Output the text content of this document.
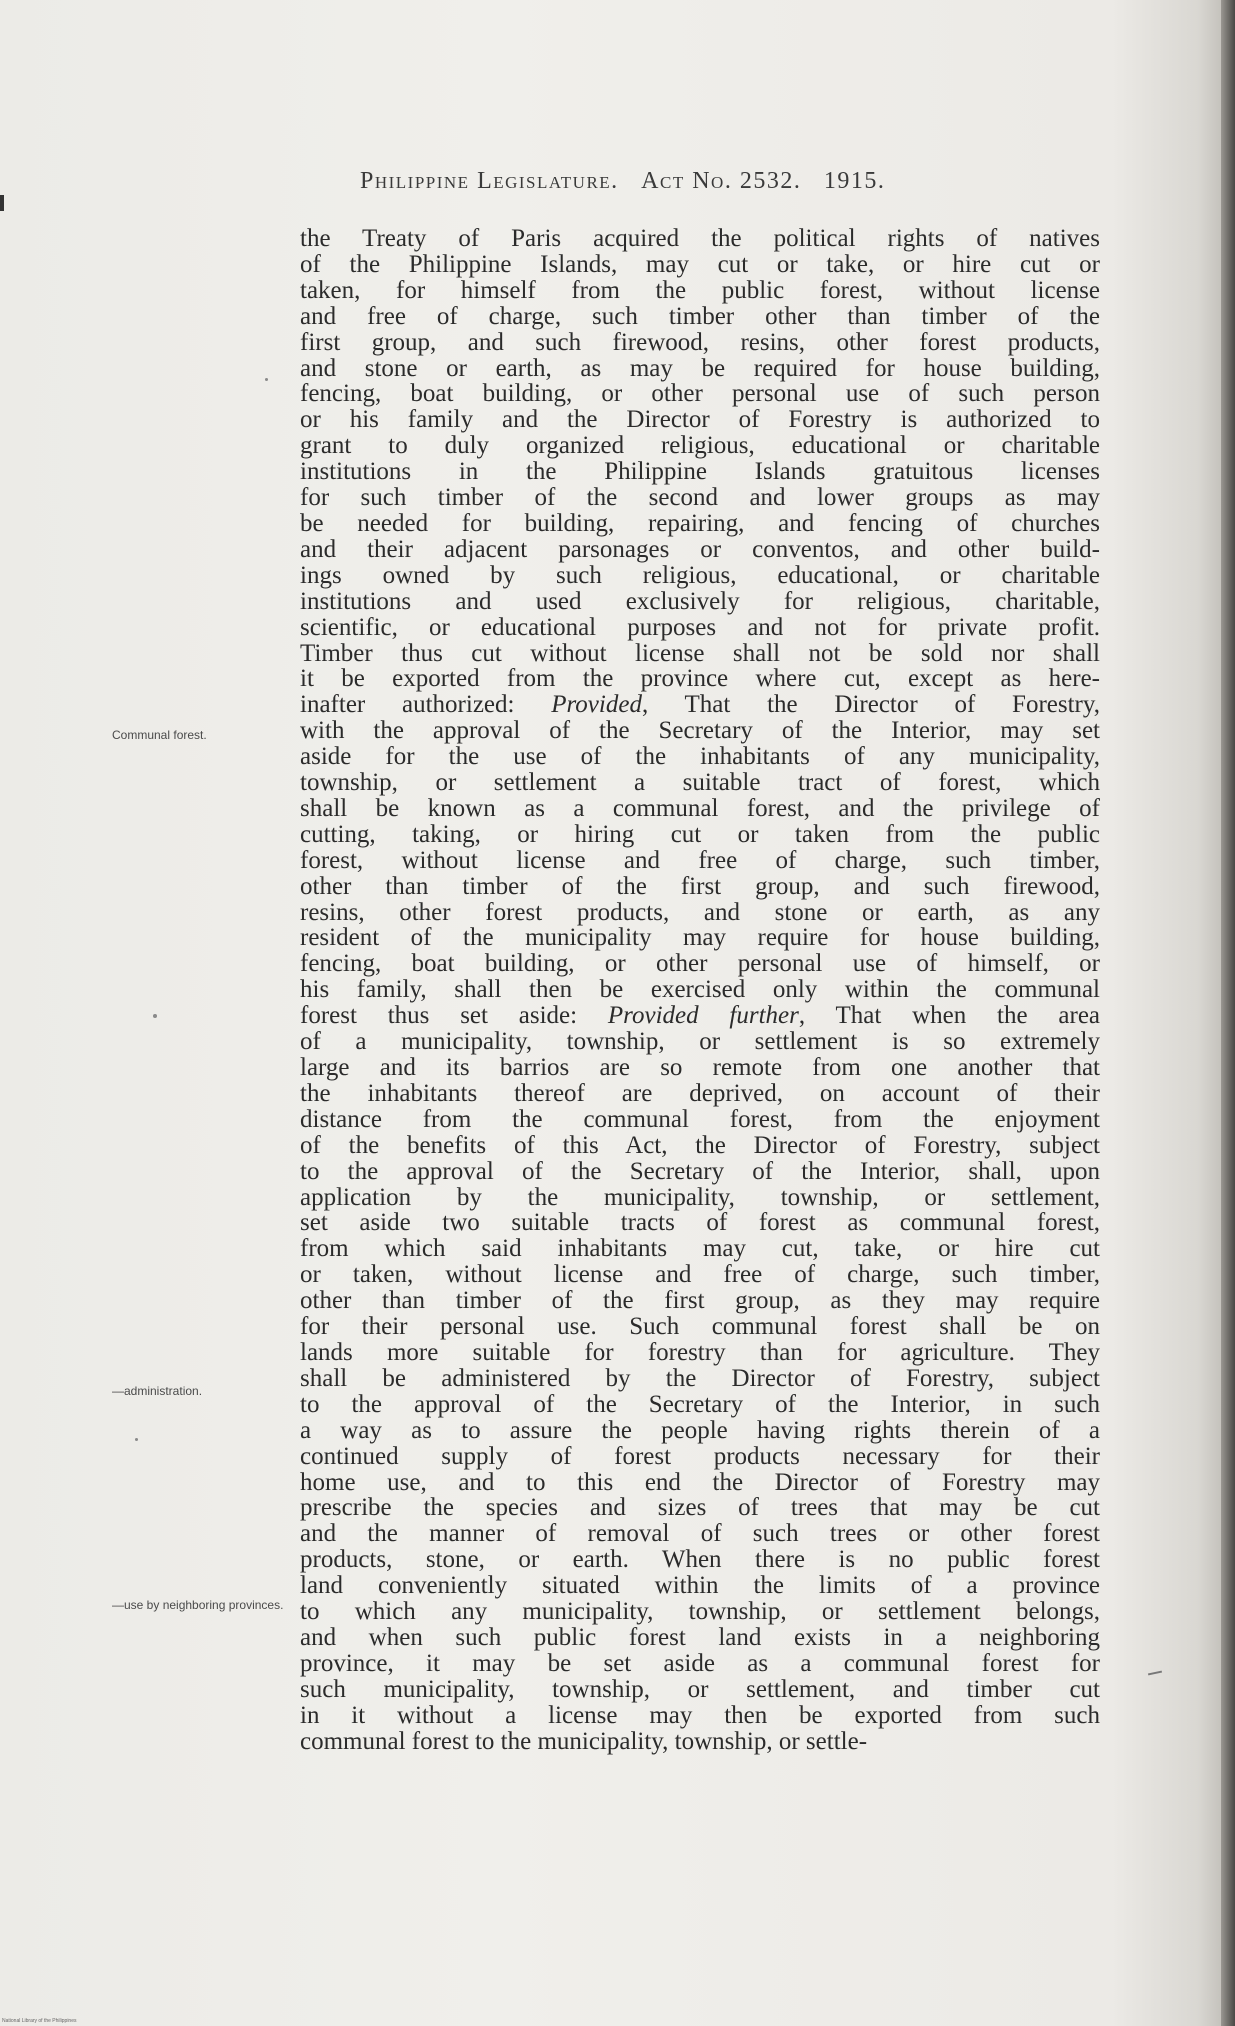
Philippine Legislature. Act No. 2532. 1915.
Communal forest.
—administration.
—use by neighboring provinces.
the Treaty of Paris acquired the political rights of natives
of the Philippine Islands, may cut or take, or hire cut or
taken, for himself from the public forest, without license
and free of charge, such timber other than timber of the
first group, and such firewood, resins, other forest products,
and stone or earth, as may be required for house building,
fencing, boat building, or other personal use of such person
or his family and the Director of Forestry is authorized to
grant to duly organized religious, educational or charitable
institutions in the Philippine Islands gratuitous licenses
for such timber of the second and lower groups as may
be needed for building, repairing, and fencing of churches
and their adjacent parsonages or conventos, and other build-
ings owned by such religious, educational, or charitable
institutions and used exclusively for religious, charitable,
scientific, or educational purposes and not for private profit.
Timber thus cut without license shall not be sold nor shall
it be exported from the province where cut, except as here-
inafter authorized: Provided, That the Director of Forestry,
with the approval of the Secretary of the Interior, may set
aside for the use of the inhabitants of any municipality,
township, or settlement a suitable tract of forest, which
shall be known as a communal forest, and the privilege of
cutting, taking, or hiring cut or taken from the public
forest, without license and free of charge, such timber,
other than timber of the first group, and such firewood,
resins, other forest products, and stone or earth, as any
resident of the municipality may require for house building,
fencing, boat building, or other personal use of himself, or
his family, shall then be exercised only within the communal
forest thus set aside: Provided further, That when the area
of a municipality, township, or settlement is so extremely
large and its barrios are so remote from one another that
the inhabitants thereof are deprived, on account of their
distance from the communal forest, from the enjoyment
of the benefits of this Act, the Director of Forestry, subject
to the approval of the Secretary of the Interior, shall, upon
application by the municipality, township, or settlement,
set aside two suitable tracts of forest as communal forest,
from which said inhabitants may cut, take, or hire cut
or taken, without license and free of charge, such timber,
other than timber of the first group, as they may require
for their personal use. Such communal forest shall be on
lands more suitable for forestry than for agriculture. They
shall be administered by the Director of Forestry, subject
to the approval of the Secretary of the Interior, in such
a way as to assure the people having rights therein of a
continued supply of forest products necessary for their
home use, and to this end the Director of Forestry may
prescribe the species and sizes of trees that may be cut
and the manner of removal of such trees or other forest
products, stone, or earth. When there is no public forest
land conveniently situated within the limits of a province
to which any municipality, township, or settlement belongs,
and when such public forest land exists in a neighboring
province, it may be set aside as a communal forest for
such municipality, township, or settlement, and timber cut
in it without a license may then be exported from such
communal forest to the municipality, township, or settle-
National Library of the Philippines
